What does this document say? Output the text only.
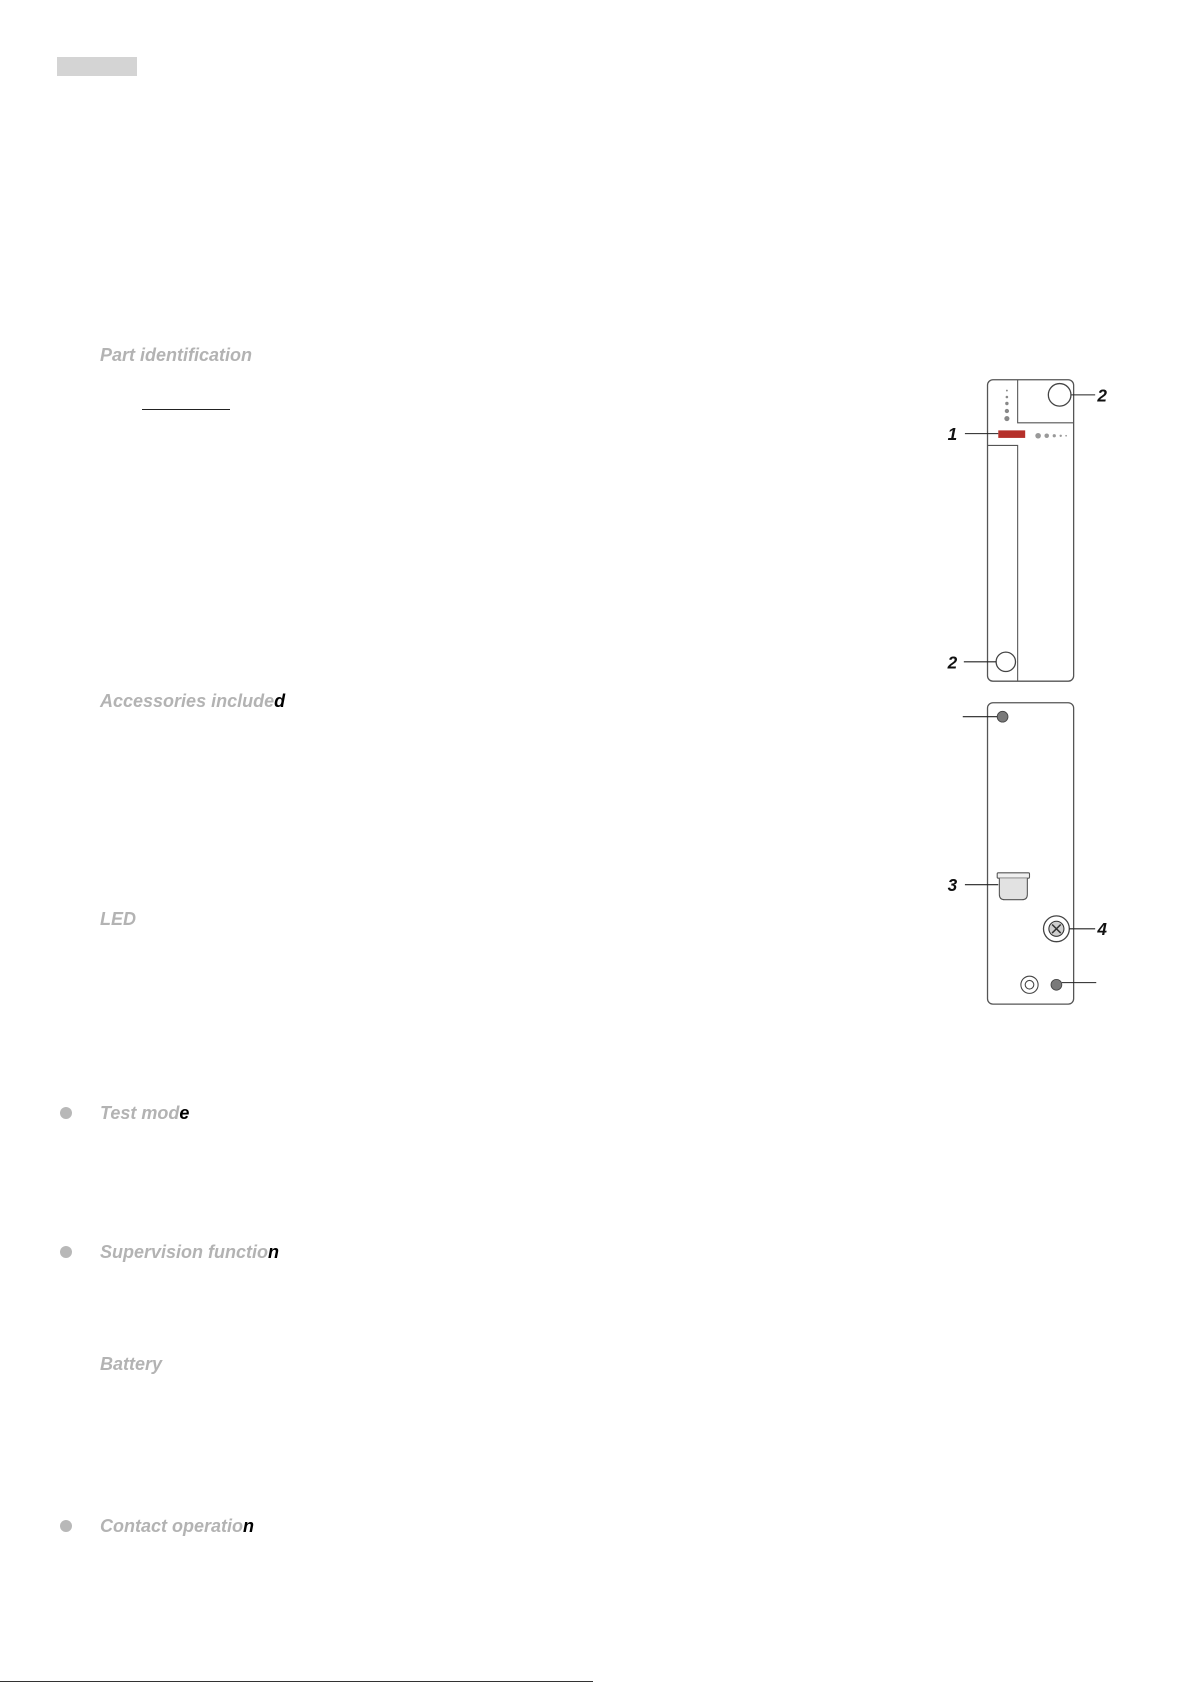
Part identification
Accessories included
LED
Test mode
Supervision function
Battery
Contact operation
2
1
2
3
4
